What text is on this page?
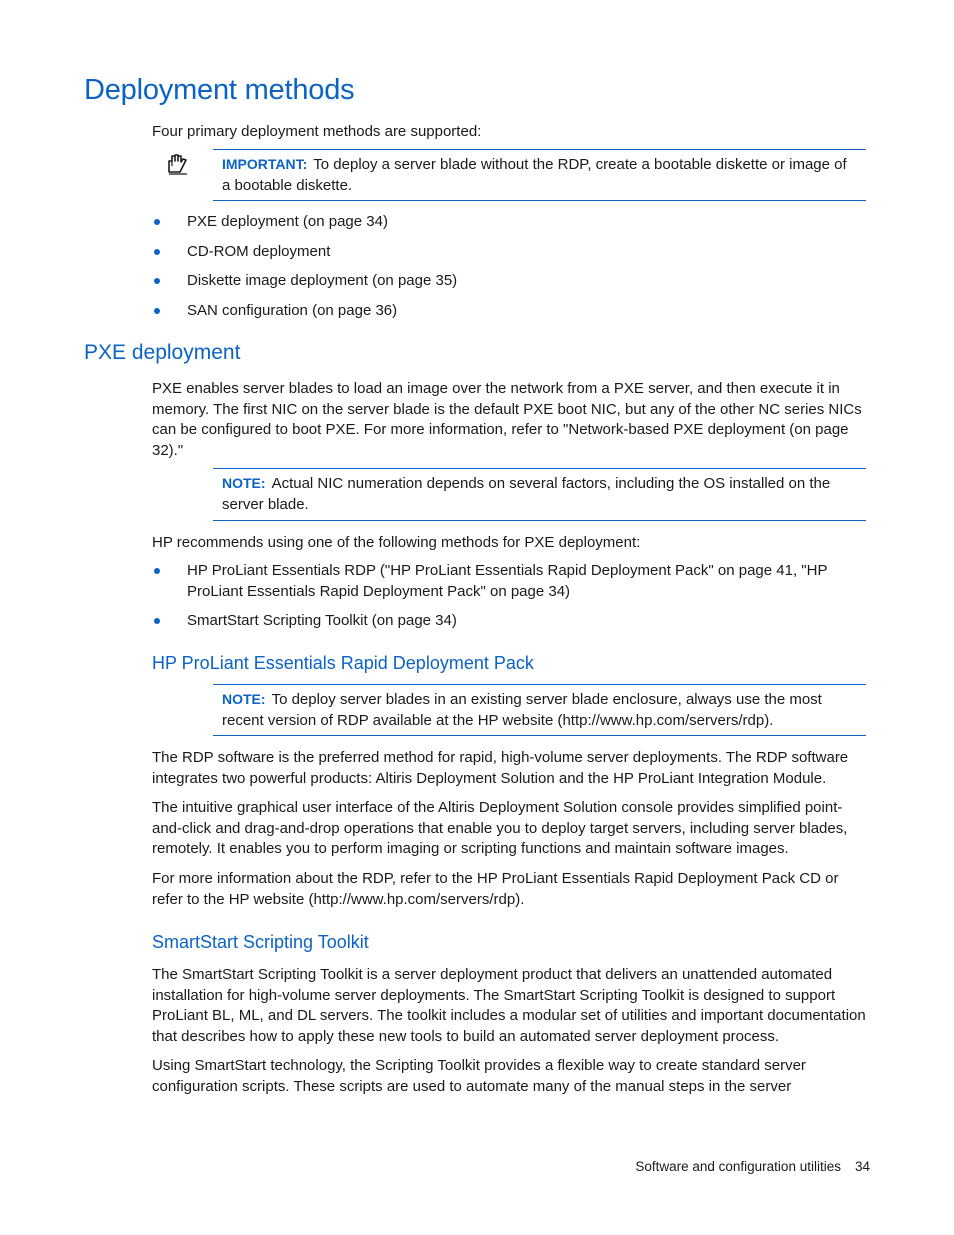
Deployment methods

Four primary deployment methods are supported:

IMPORTANT: To deploy a server blade without the RDP, create a bootable diskette or image of a bootable diskette.
PXE deployment (on page 34)
CD-ROM deployment
Diskette image deployment (on page 35)
SAN configuration (on page 36)
PXE deployment

PXE enables server blades to load an image over the network from a PXE server, and then execute it in memory. The first NIC on the server blade is the default PXE boot NIC, but any of the other NC series NICs can be configured to boot PXE. For more information, refer to "Network-based PXE deployment (on page 32)."

NOTE: Actual NIC numeration depends on several factors, including the OS installed on the server blade.

HP recommends using one of the following methods for PXE deployment:

HP ProLiant Essentials RDP ("HP ProLiant Essentials Rapid Deployment Pack" on page 41, "HP ProLiant Essentials Rapid Deployment Pack" on page 34)
SmartStart Scripting Toolkit (on page 34)
HP ProLiant Essentials Rapid Deployment Pack
NOTE: To deploy server blades in an existing server blade enclosure, always use the most recent version of RDP available at the HP website (http://www.hp.com/servers/rdp).

The RDP software is the preferred method for rapid, high-volume server deployments. The RDP software integrates two powerful products: Altiris Deployment Solution and the HP ProLiant Integration Module.

The intuitive graphical user interface of the Altiris Deployment Solution console provides simplified point-and-click and drag-and-drop operations that enable you to deploy target servers, including server blades, remotely. It enables you to perform imaging or scripting functions and maintain software images.

For more information about the RDP, refer to the HP ProLiant Essentials Rapid Deployment Pack CD or refer to the HP website (http://www.hp.com/servers/rdp).

SmartStart Scripting Toolkit

The SmartStart Scripting Toolkit is a server deployment product that delivers an unattended automated installation for high-volume server deployments. The SmartStart Scripting Toolkit is designed to support ProLiant BL, ML, and DL servers. The toolkit includes a modular set of utilities and important documentation that describes how to apply these new tools to build an automated server deployment process.

Using SmartStart technology, the Scripting Toolkit provides a flexible way to create standard server configuration scripts. These scripts are used to automate many of the manual steps in the server

Software and configuration utilities 34
